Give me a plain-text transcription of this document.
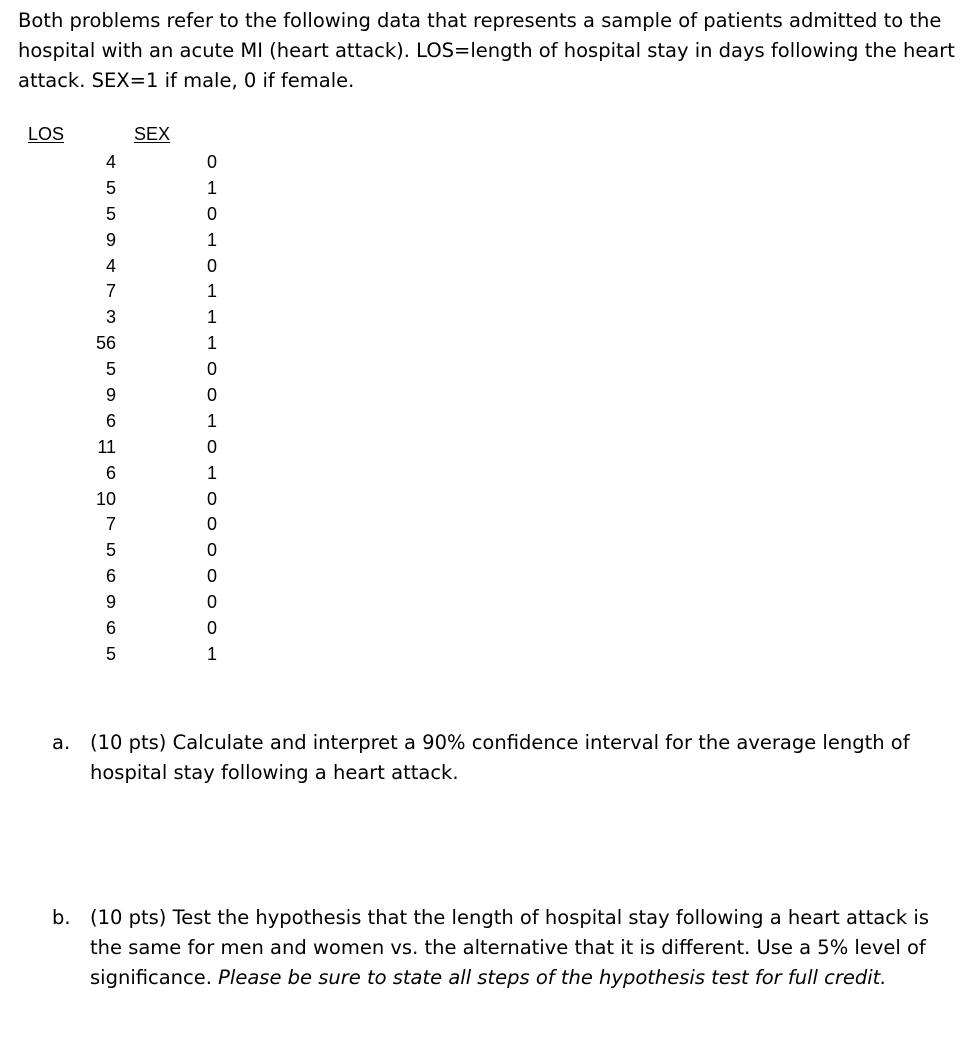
Both problems refer to the following data that represents a sample of patients admitted to the hospital with an acute MI (heart attack). LOS=length of hospital stay in days following the heart attack. SEX=1 if male, 0 if female.
LOS	SEX
4	0
5	1
5	0
9	1
4	0
7	1
3	1
56	1
5	0
9	0
6	1
11	0
6	1
10	0
7	0
5	0
6	0
9	0
6	0
5	1
a.	(10 pts) Calculate and interpret a 90% confidence interval for the average length of hospital stay following a heart attack.
b. (10 pts) Test the hypothesis that the length of hospital stay following a heart attack is the same for men and women vs. the alternative that it is different. Use a 5% level of significance. Please be sure to state all steps of the hypothesis test for full credit.
